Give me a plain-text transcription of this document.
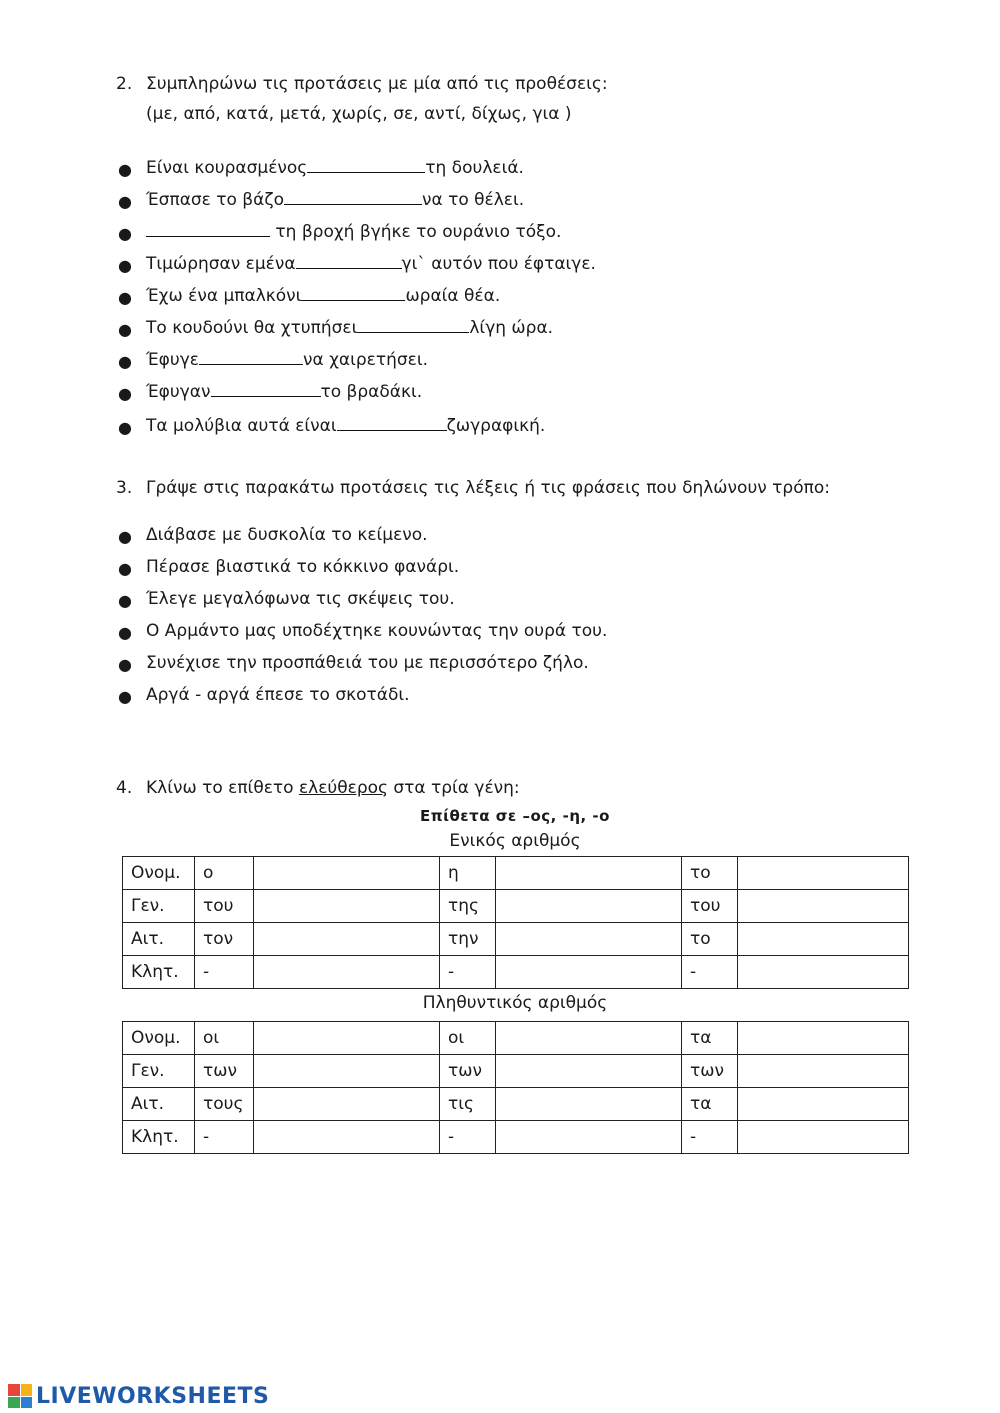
2. Συμπληρώνω τις προτάσεις με μία από τις προθέσεις:
(με, από, κατά, μετά, χωρίς, σε, αντί, δίχως, για )
● Είναι κουρασμένος	τη δουλειά.
● Έσπασε το βάζο	να το θέλει.
●	τη βροχή βγήκε το ουράνιο τόξο.
● Τιμώρησαν εμένα	γι` αυτόν που έφταιγε.
● Έχω ένα μπαλκόνι	ωραία θέα.
● Το κουδούνι θα χτυπήσει	λίγη ώρα.
● Έφυγε	να χαιρετήσει.
● Έφυγαν	το βραδάκι.
● Τα μολύβια αυτά είναι	ζωγραφική.
3. Γράψε στις παρακάτω προτάσεις τις λέξεις ή τις φράσεις που δηλώνουν τρόπο:
● Διάβασε με δυσκολία το κείμενο.
● Πέρασε βιαστικά το κόκκινο φανάρι.
● Έλεγε μεγαλόφωνα τις σκέψεις του.
● Ο Αρμάντο μας υποδέχτηκε κουνώντας την ουρά του.
● Συνέχισε την προσπάθειά του με περισσότερο ζήλο.
● Αργά - αργά έπεσε το σκοτάδι.
4. Κλίνω το επίθετο ελεύθερος στα τρία γένη:
Επίθετα σε –ος, -η, -ο
Ενικός αριθμός
Ονομ.	ο		η		το	
Γεν.	του		της		του	
Αιτ.	τον		την		το	
Κλητ.	-		-		-	
Πληθυντικός αριθμός
Ονομ.	οι		οι		τα	
Γεν.	των		των		των	
Αιτ.	τους		τις		τα	
Κλητ.	-		-		-	
LIVEWORKSHEETS
